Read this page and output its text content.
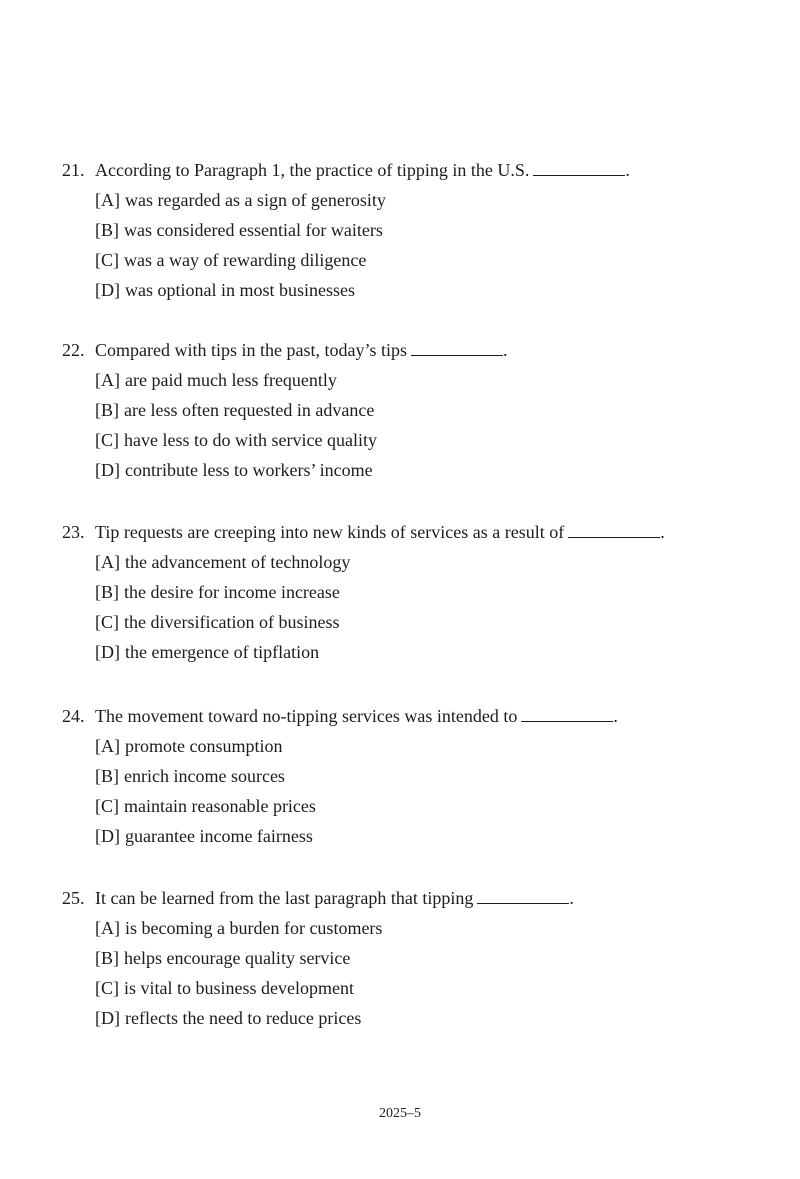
21. According to Paragraph 1, the practice of tipping in the U.S.	.
[A] was regarded as a sign of generosity
[B] was considered essential for waiters
[C] was a way of rewarding diligence
[D] was optional in most businesses
22. Compared with tips in the past, today’s tips	.
[A] are paid much less frequently
[B] are less often requested in advance
[C] have less to do with service quality
[D] contribute less to workers’ income
23. Tip requests are creeping into new kinds of services as a result of	.
[A] the advancement of technology
[B] the desire for income increase
[C] the diversification of business
[D] the emergence of tipflation
24. The movement toward no-tipping services was intended to	.
[A] promote consumption
[B] enrich income sources
[C] maintain reasonable prices
[D] guarantee income fairness
25. It can be learned from the last paragraph that tipping	.
[A] is becoming a burden for customers
[B] helps encourage quality service
[C] is vital to business development
[D] reflects the need to reduce prices
2025–5
